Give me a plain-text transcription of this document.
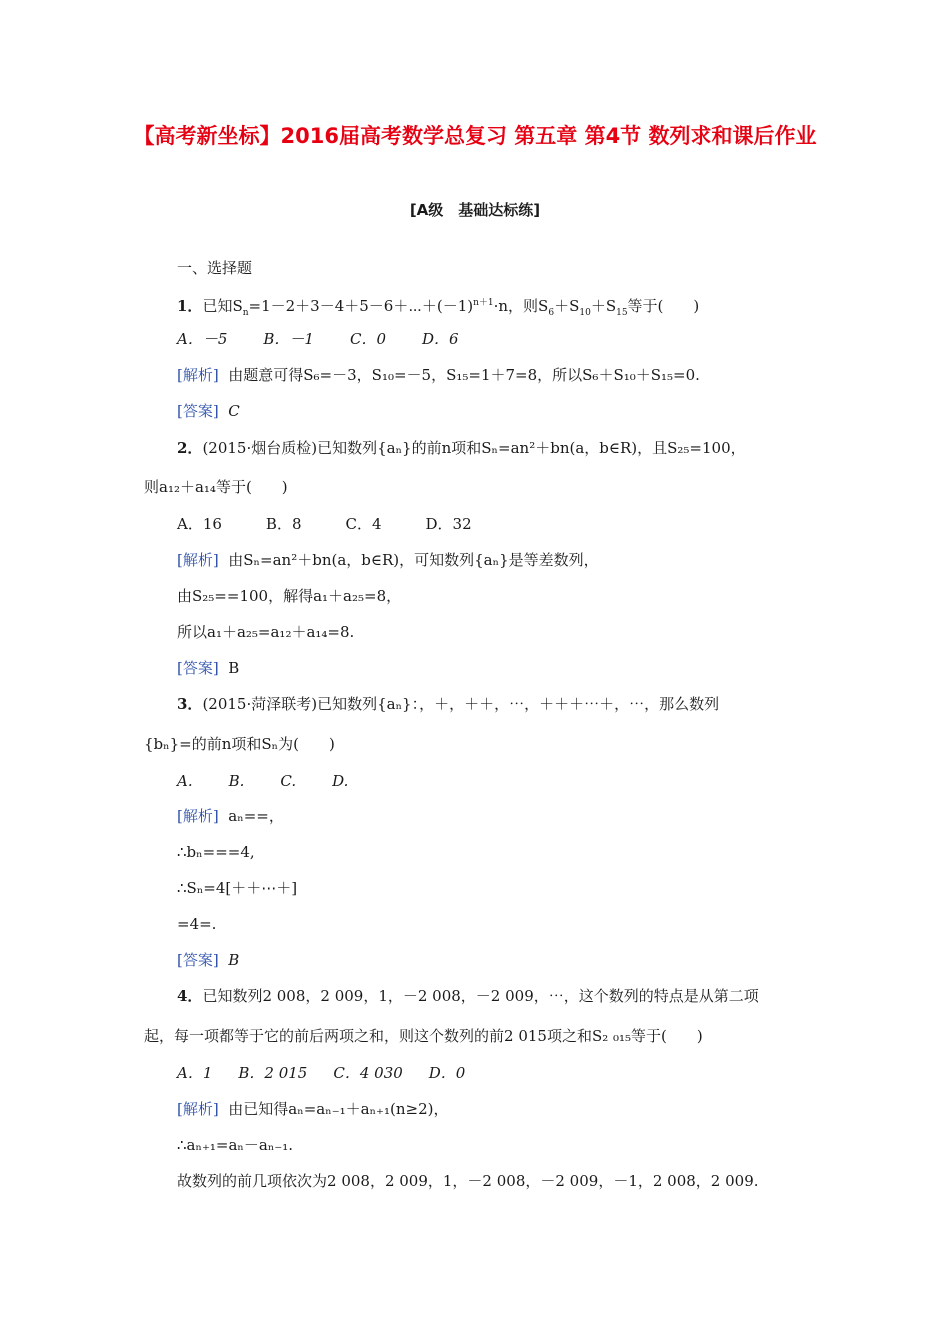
【高考新坐标】2016届高考数学总复习 第五章 第4节 数列求和课后作业
[A级　基础达标练]
一、选择题
1．已知$S_n=1-2+3-4+5-6+\cdots+(-1)^{n+1}\cdot n$，则$S_6+S_{10}+S_{15}$等于(　　)
A．－5 B．－1 C．0 D．6
[解析] 由题意可得S₆=－3，S₁₀=－5，S₁₅=1＋7=8，所以S₆＋S₁₀＋S₁₅=0.
[答案] C
2．(2015·烟台质检)已知数列{aₙ}的前n项和Sₙ=an²＋bn(a，b∈R)，且S₂₅=100，
则a₁₂＋a₁₄等于(　　)
A．16	B．8	C．4	D．32
[解析] 由Sₙ=an²＋bn(a，b∈R)，可知数列{aₙ}是等差数列，
由S₂₅==100，解得a₁＋a₂₅=8，
所以a₁＋a₂₅=a₁₂＋a₁₄=8.
[答案] B
3．(2015·菏泽联考)已知数列{aₙ}：，＋，＋＋，⋯，＋＋＋⋯＋，⋯，那么数列
{bₙ}=的前n项和Sₙ为(　　)
A. B. C. D.
[解析] aₙ==，
∴bₙ===4,
∴Sₙ=4[＋＋⋯＋]
=4=.
[答案] B
4．已知数列2 008，2 009，1，－2 008，－2 009，⋯，这个数列的特点是从第二项
起，每一项都等于它的前后两项之和，则这个数列的前2 015项之和S₂ ₀₁₅等于(　　)
A．1 B．2 015 C．4 030 D．0
[解析] 由已知得aₙ=aₙ₋₁＋aₙ₊₁(n≥2)，
∴aₙ₊₁=aₙ－aₙ₋₁.
故数列的前几项依次为2 008，2 009，1，－2 008，－2 009，－1，2 008，2 009.
